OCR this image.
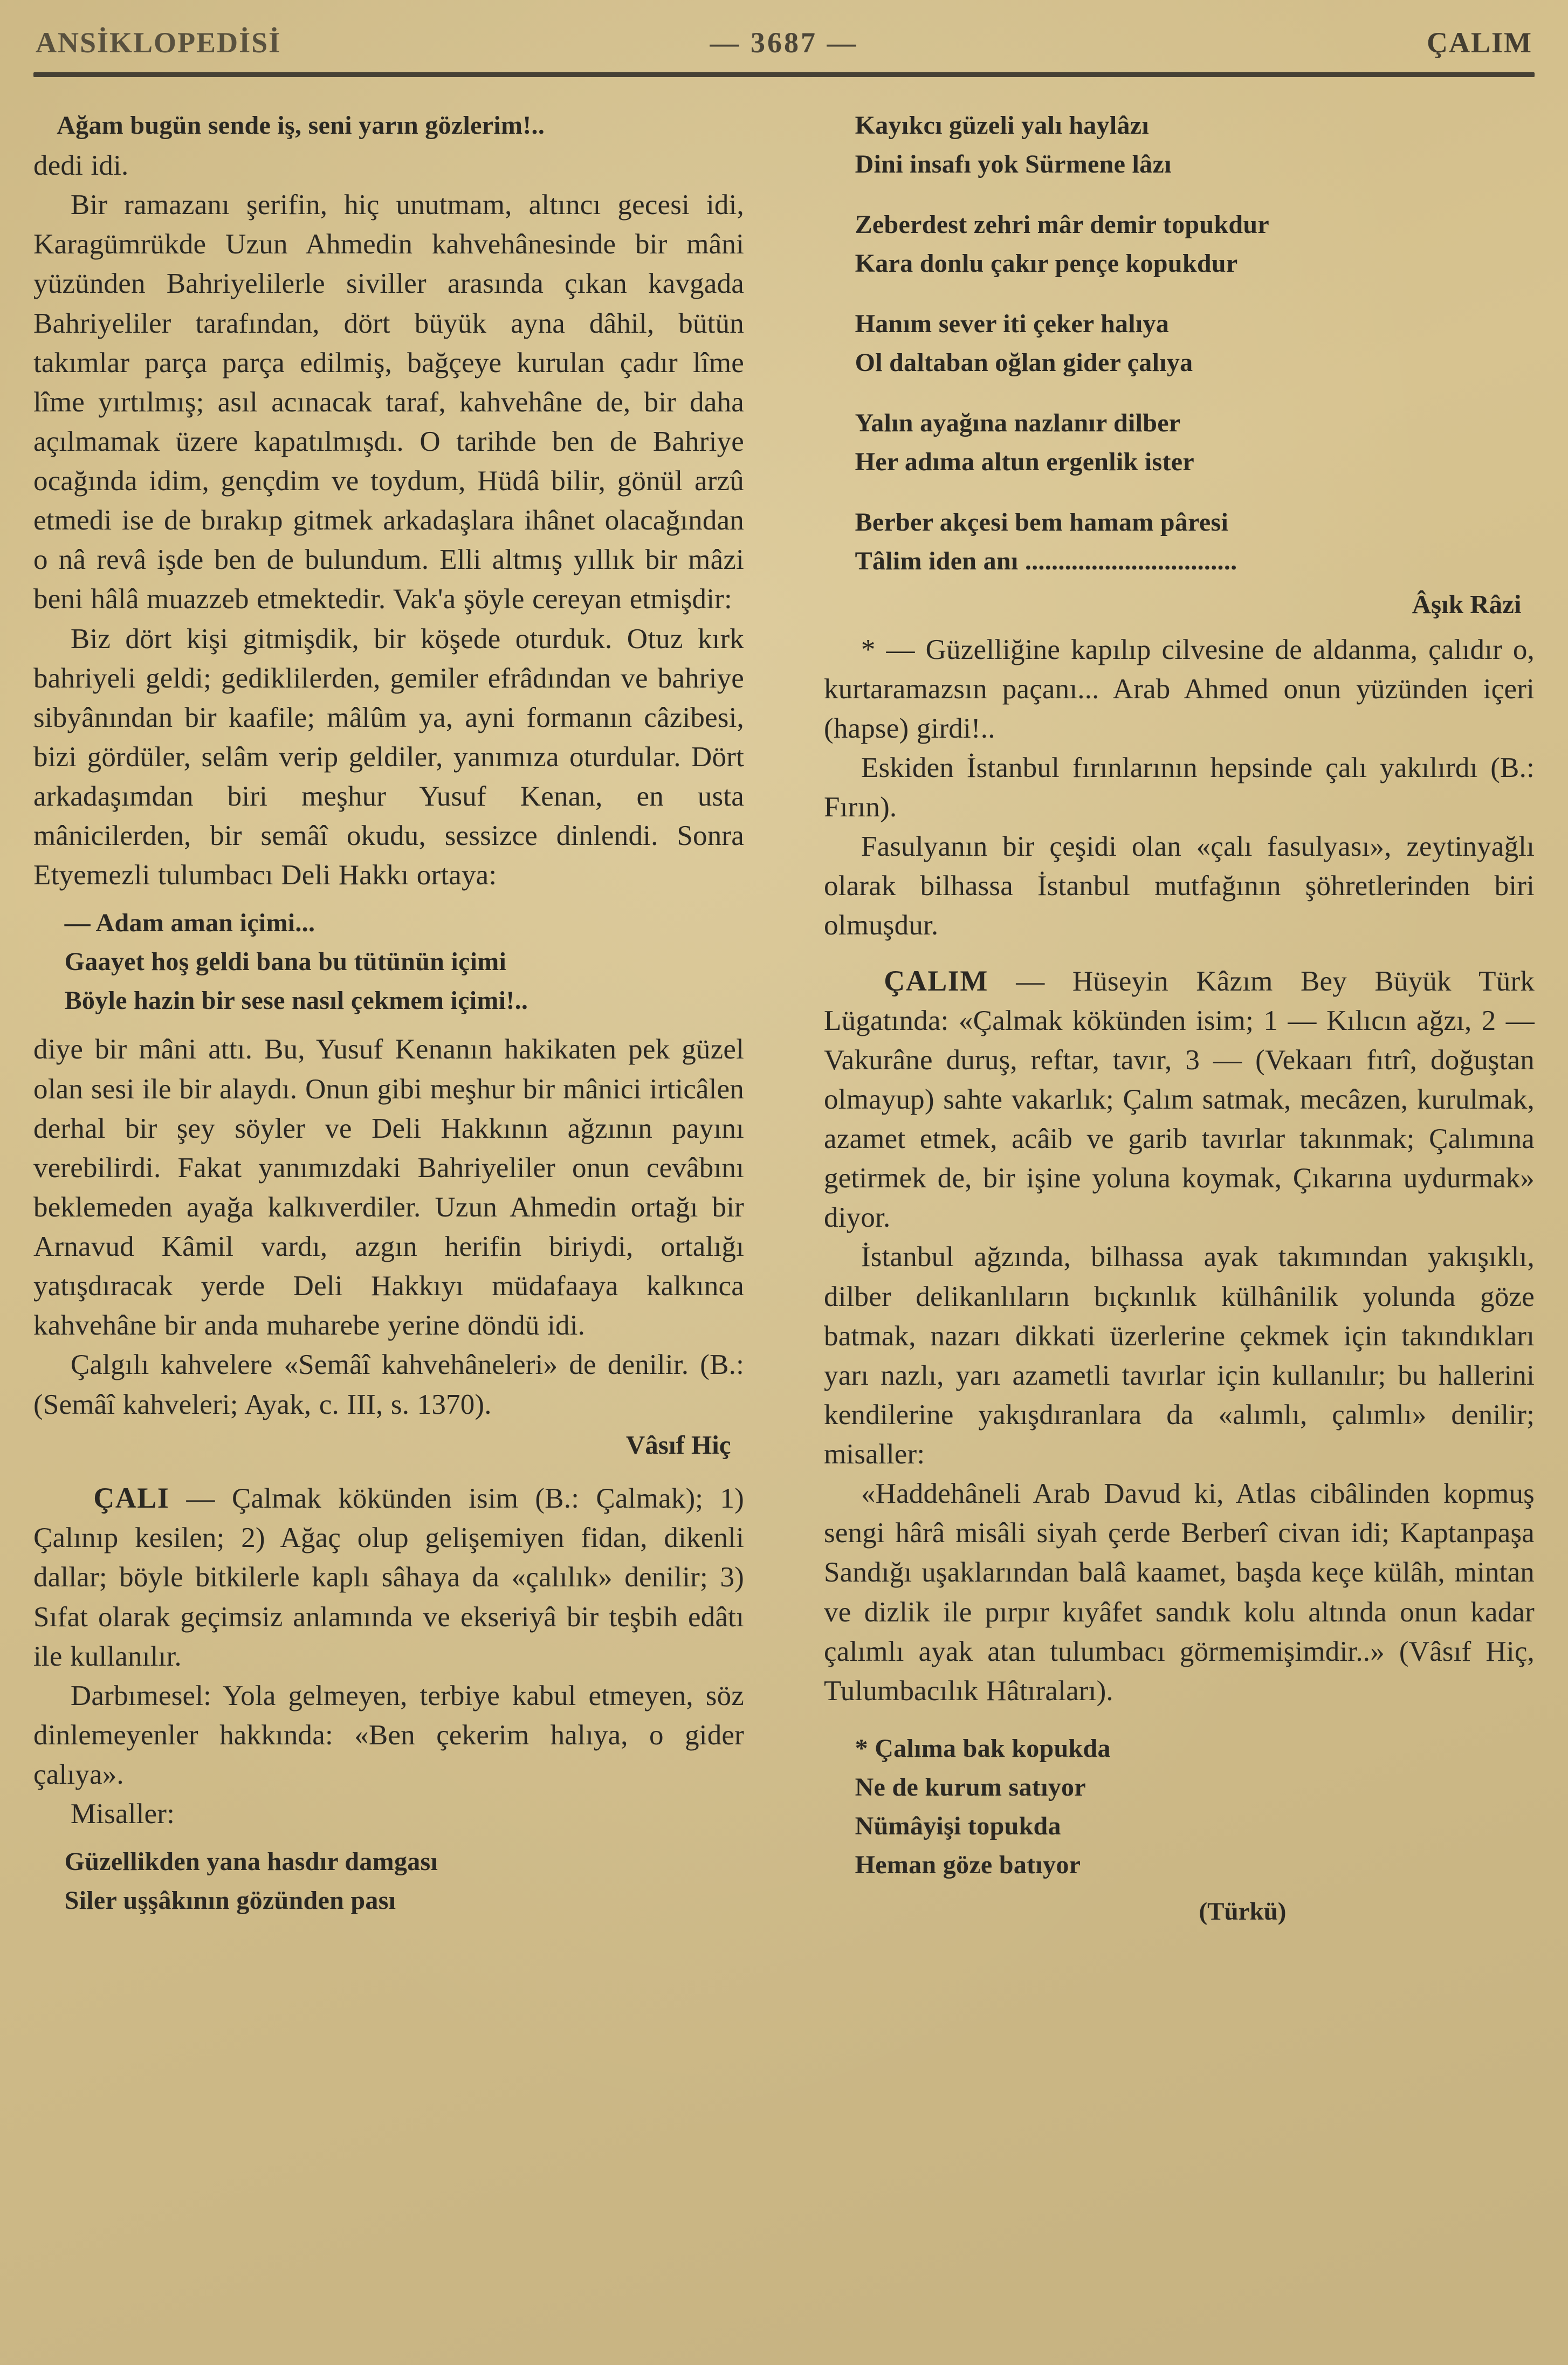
ANSİKLOPEDİSİ	— 3687 —	ÇALIM

Ağam bugün sende iş, seni yarın gözlerim!..

dedi idi.

Bir ramazanı şerifin, hiç unutmam, altıncı gecesi idi, Karagümrükde Uzun Ahmedin kahvehânesinde bir mâni yüzünden Bahriyelilerle siviller arasında çıkan kavgada Bahriyeliler tarafından, dört büyük ayna dâhil, bütün takımlar parça parça edilmiş, bağçeye kurulan çadır lîme lîme yırtılmış; asıl acınacak taraf, kahvehâne de, bir daha açılmamak üzere kapatılmışdı. O tarihde ben de Bahriye ocağında idim, gençdim ve toydum, Hüdâ bilir, gönül arzû etmedi ise de bırakıp gitmek arkadaşlara ihânet olacağından o nâ revâ işde ben de bulundum. Elli altmış yıllık bir mâzi beni hâlâ muazzeb etmektedir. Vak'a şöyle cereyan etmişdir:

Biz dört kişi gitmişdik, bir köşede oturduk. Otuz kırk bahriyeli geldi; gediklilerden, gemiler efrâdından ve bahriye sibyânından bir kaafile; mâlûm ya, ayni formanın câzibesi, bizi gördüler, selâm verip geldiler, yanımıza oturdular. Dört arkadaşımdan biri meşhur Yusuf Kenan, en usta mânicilerden, bir semâî okudu, sessizce dinlendi. Sonra Etyemezli tulumbacı Deli Hakkı ortaya:

— Adam aman içimi...

Gaayet hoş geldi bana bu tütünün içimi

Böyle hazin bir sese nasıl çekmem içimi!..

diye bir mâni attı. Bu, Yusuf Kenanın hakikaten pek güzel olan sesi ile bir alaydı. Onun gibi meşhur bir mânici irticâlen derhal bir şey söyler ve Deli Hakkının ağzının payını verebilirdi. Fakat yanımızdaki Bahriyeliler onun cevâbını beklemeden ayağa kalkıverdiler. Uzun Ahmedin ortağı bir Arnavud Kâmil vardı, azgın herifin biriydi, ortalığı yatışdıracak yerde Deli Hakkıyı müdafaaya kalkınca kahvehâne bir anda muharebe yerine döndü idi.

Çalgılı kahvelere «Semâî kahvehâneleri» de denilir. (B.: (Semâî kahveleri; Ayak, c. III, s. 1370).

Vâsıf Hiç

ÇALI — Çalmak kökünden isim (B.: Çalmak); 1) Çalınıp kesilen; 2) Ağaç olup gelişemiyen fidan, dikenli dallar; böyle bitkilerle kaplı sâhaya da «çalılık» denilir; 3) Sıfat olarak geçimsiz anlamında ve ekseriyâ bir teşbih edâtı ile kullanılır.

Darbımesel: Yola gelmeyen, terbiye kabul etmeyen, söz dinlemeyenler hakkında: «Ben çekerim halıya, o gider çalıya».

Misaller:

Güzellikden yana hasdır damgası

Siler uşşâkının gözünden pası

Kayıkcı güzeli yalı haylâzı

Dini insafı yok Sürmene lâzı

Zeberdest zehri mâr demir topukdur

Kara donlu çakır pençe kopukdur

Hanım sever iti çeker halıya

Ol daltaban oğlan gider çalıya

Yalın ayağına nazlanır dilber

Her adıma altun ergenlik ister

Berber akçesi bem hamam pâresi

Tâlim iden anı ................................

Âşık Râzi

* — Güzelliğine kapılıp cilvesine de aldanma, çalıdır o, kurtaramazsın paçanı... Arab Ahmed onun yüzünden içeri (hapse) girdi!..

Eskiden İstanbul fırınlarının hepsinde çalı yakılırdı (B.: Fırın).

Fasulyanın bir çeşidi olan «çalı fasulyası», zeytinyağlı olarak bilhassa İstanbul mutfağının şöhretlerinden biri olmuşdur.

ÇALIM — Hüseyin Kâzım Bey Büyük Türk Lügatında: «Çalmak kökünden isim; 1 — Kılıcın ağzı, 2 — Vakurâne duruş, reftar, tavır, 3 — (Vekaarı fıtrî, doğuştan olmayup) sahte vakarlık; Çalım satmak, mecâzen, kurulmak, azamet etmek, acâib ve garib tavırlar takınmak; Çalımına getirmek de, bir işine yoluna koymak, Çıkarına uydurmak» diyor.

İstanbul ağzında, bilhassa ayak takımından yakışıklı, dilber delikanlıların bıçkınlık külhânilik yolunda göze batmak, nazarı dikkati üzerlerine çekmek için takındıkları yarı nazlı, yarı azametli tavırlar için kullanılır; bu hallerini kendilerine yakışdıranlara da «alımlı, çalımlı» denilir; misaller:

«Haddehâneli Arab Davud ki, Atlas cibâlinden kopmuş sengi hârâ misâli siyah çerde Berberî civan idi; Kaptanpaşa Sandığı uşaklarından balâ kaamet, başda keçe külâh, mintan ve dizlik ile pırpır kıyâfet sandık kolu altında onun kadar çalımlı ayak atan tulumbacı görmemişimdir..» (Vâsıf Hiç, Tulumbacılık Hâtıraları).

* Çalıma bak kopukda

Ne de kurum satıyor

Nümâyişi topukda

Heman göze batıyor

(Türkü)
